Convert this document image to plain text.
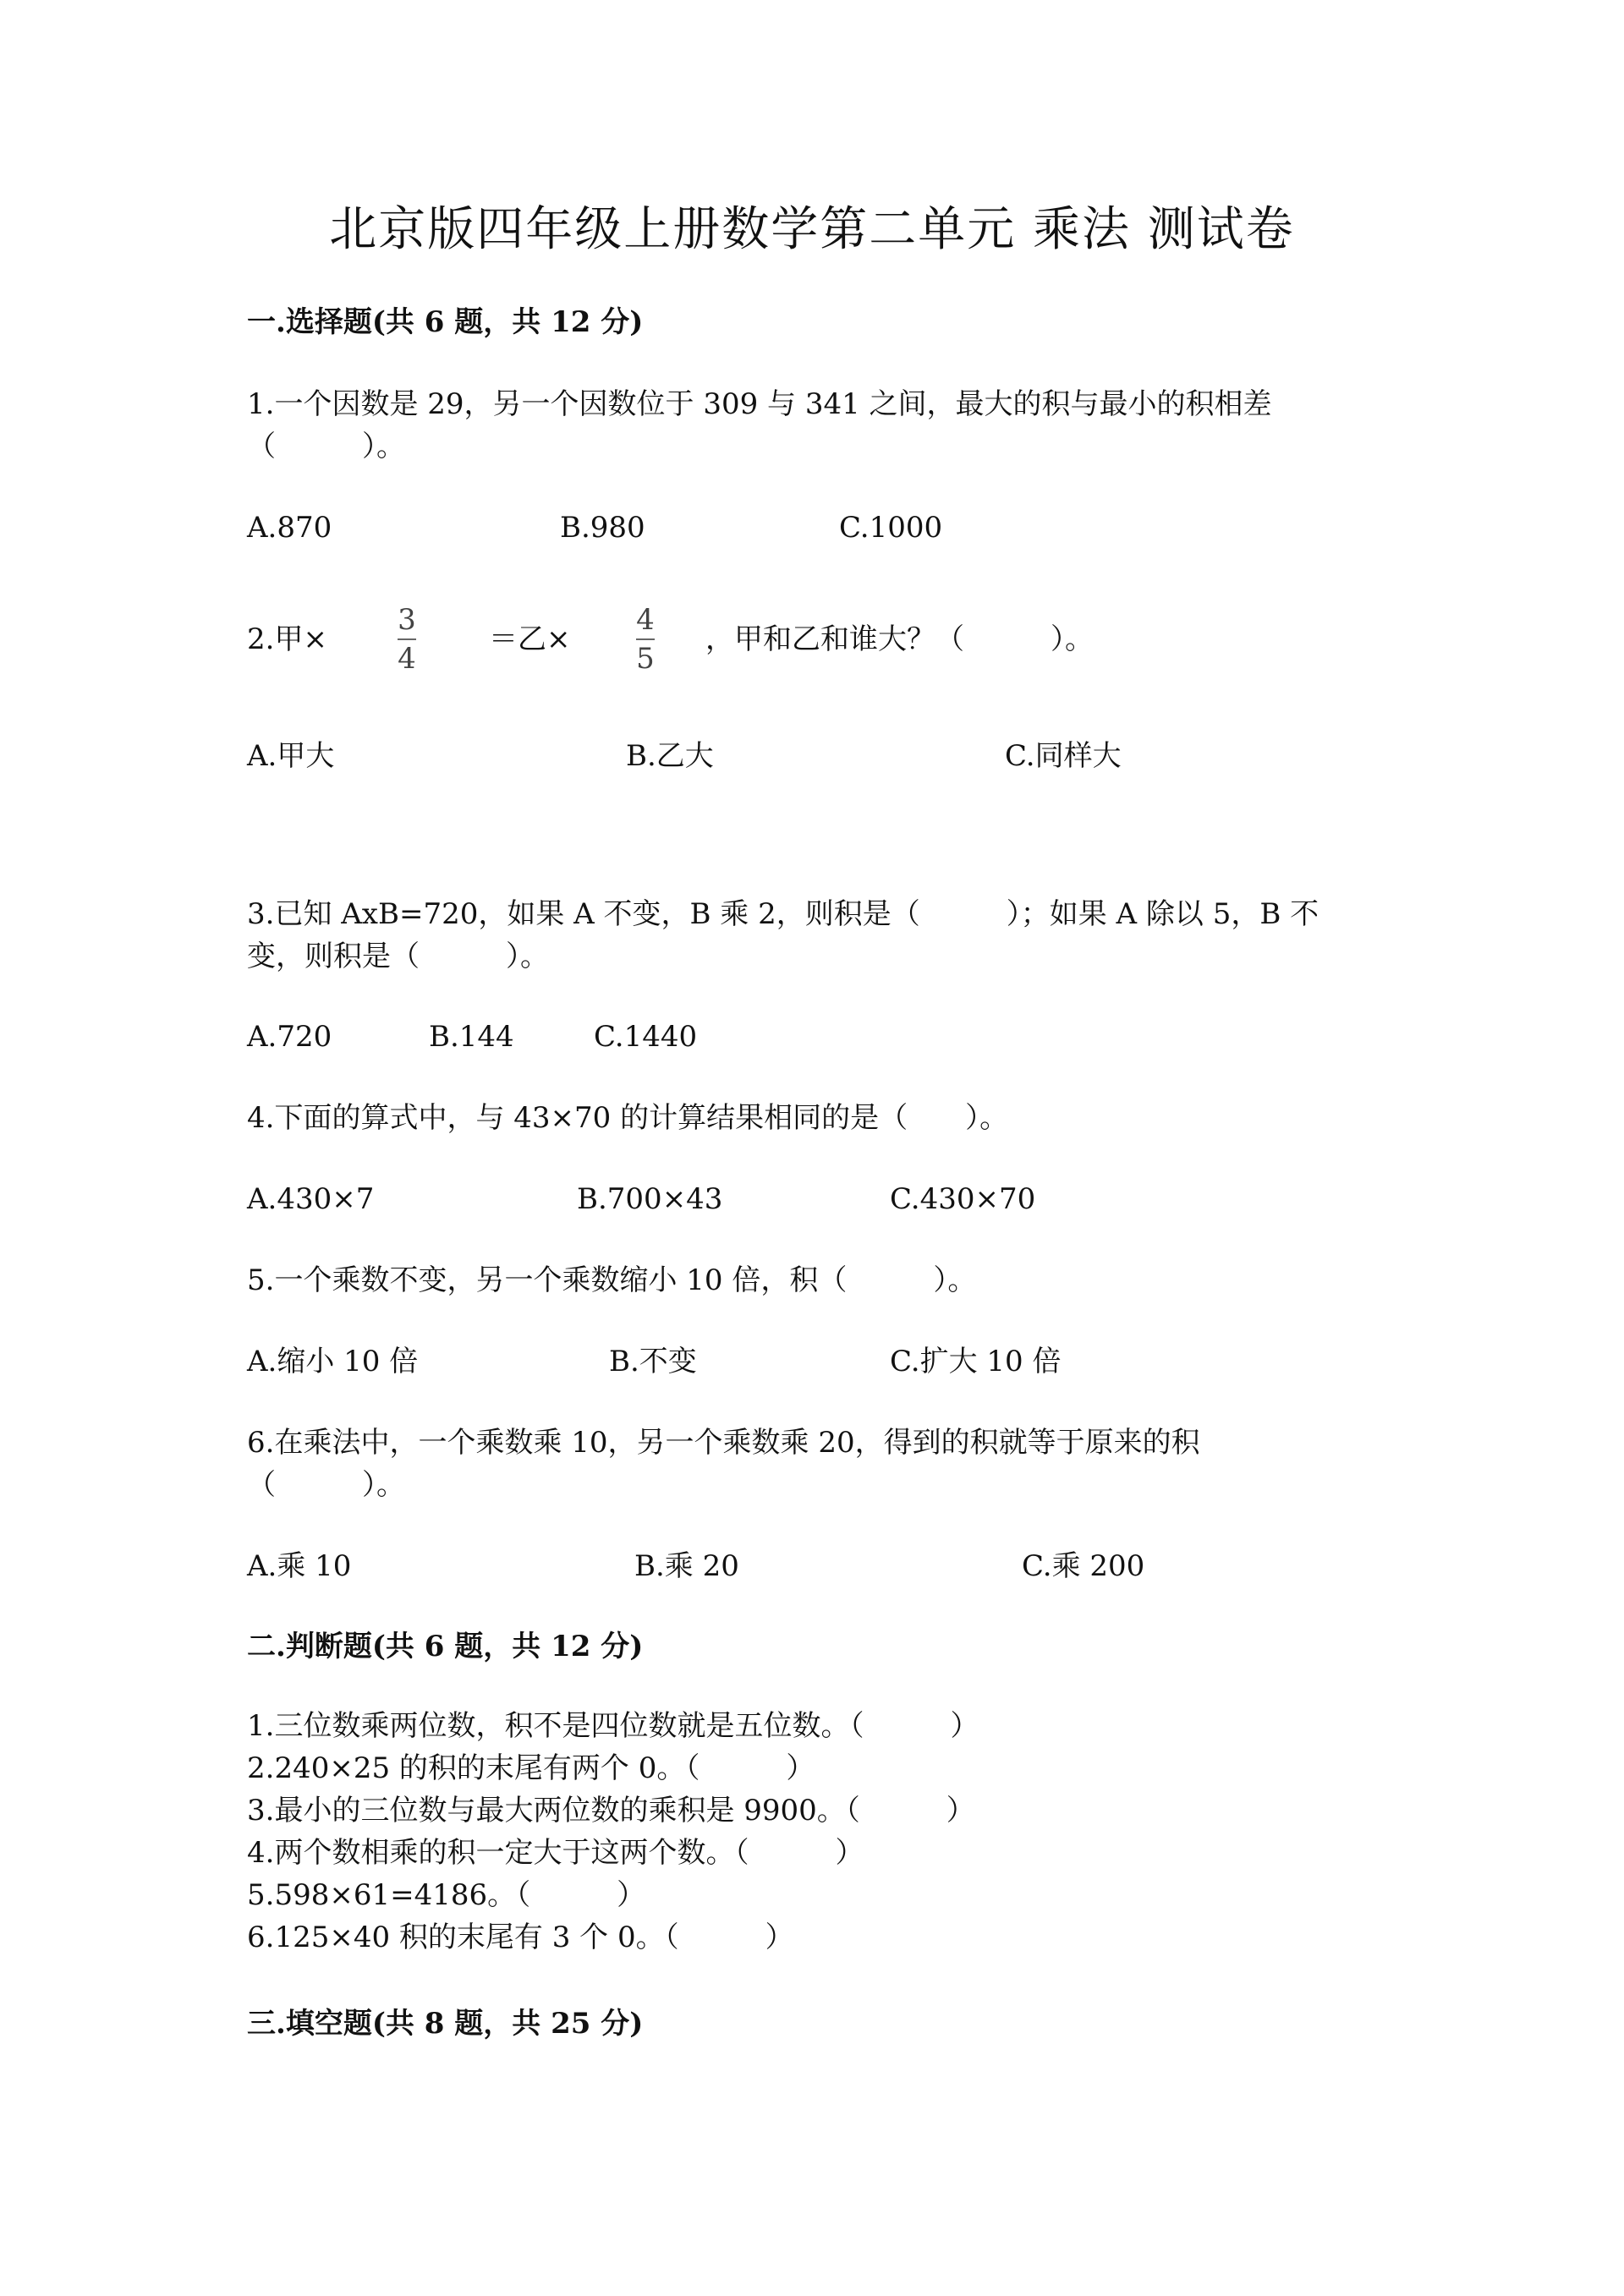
北京版四年级上册数学第二单元 乘法 测试卷
一.选择题(共 6 题，共 12 分)
1.一个因数是 29，另一个因数位于 309 与 341 之间，最大的积与最小的积相差
（　　　）。
A.870	B.980	C.1000
2.甲× $\frac{3}{4}$	＝乙× $\frac{4}{5}$ ，甲和乙和谁大？（　　　）。
A.甲大	B.乙大	C.同样大
3.已知 AxB=720，如果 A 不变，B 乘 2，则积是（　　　）；如果 A 除以 5，B 不
变，则积是（　　　）。
A.720	B.144	C.1440
4.下面的算式中，与 43×70 的计算结果相同的是（　　）。
A.430×7	B.700×43	C.430×70
5.一个乘数不变，另一个乘数缩小 10 倍，积（　　　）。
A.缩小 10 倍	B.不变	C.扩大 10 倍
6.在乘法中，一个乘数乘 10，另一个乘数乘 20，得到的积就等于原来的积
（　　　）。
A.乘 10	B.乘 20	C.乘 200
二.判断题(共 6 题，共 12 分)
1.三位数乘两位数，积不是四位数就是五位数。（　　　）
2.240×25 的积的末尾有两个 0。（　　　）
3.最小的三位数与最大两位数的乘积是 9900。（　　　）
4.两个数相乘的积一定大于这两个数。（　　　）
5.598×61=4186。（　　　）
6.125×40 积的末尾有 3 个 0。（　　　）
三.填空题(共 8 题，共 25 分)
